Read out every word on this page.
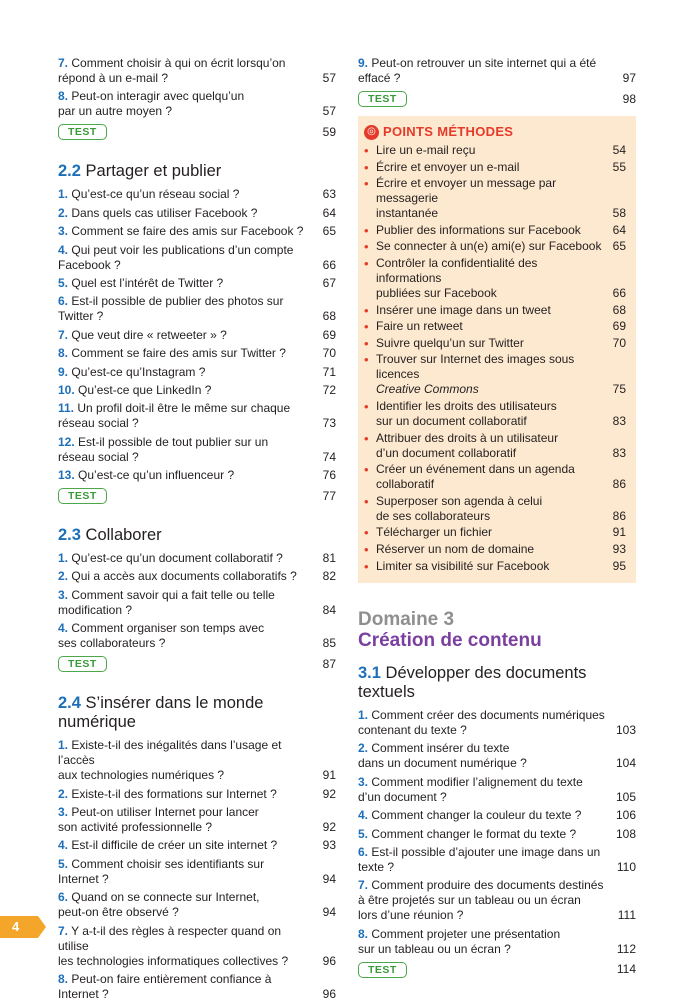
7. Comment choisir à qui on écrit lorsqu’on
répond à un e-mail ?	57
8. Peut-on interagir avec quelqu’un
par un autre moyen ?	57
TEST	59
2.2 Partager et publier
1. Qu’est-ce qu’un réseau social ?	63
2. Dans quels cas utiliser Facebook ?	64
3. Comment se faire des amis sur Facebook ?	65
4. Qui peut voir les publications d’un compte
Facebook ?	66
5. Quel est l’intérêt de Twitter ?	67
6. Est-il possible de publier des photos sur Twitter ?	68
7. Que veut dire « retweeter » ?	69
8. Comment se faire des amis sur Twitter ?	70
9. Qu’est-ce qu’Instagram ?	71
10. Qu’est-ce que LinkedIn ?	72
11. Un profil doit-il être le même sur chaque
réseau social ?	73
12. Est-il possible de tout publier sur un réseau social ?	74
13. Qu’est-ce qu’un influenceur ?	76
TEST	77
2.3 Collaborer
1. Qu’est-ce qu’un document collaboratif ?	81
2. Qui a accès aux documents collaboratifs ?	82
3. Comment savoir qui a fait telle ou telle
modification ?	84
4. Comment organiser son temps avec
ses collaborateurs ?	85
TEST	87
2.4 S’insérer dans le monde numérique
1. Existe-t-il des inégalités dans l’usage et l’accès
aux technologies numériques ?	91
2. Existe-t-il des formations sur Internet ?	92
3. Peut-on utiliser Internet pour lancer
son activité professionnelle ?	92
4. Est-il difficile de créer un site internet ?	93
5. Comment choisir ses identifiants sur Internet ?	94
6. Quand on se connecte sur Internet,
peut-on être observé ?	94
7. Y a-t-il des règles à respecter quand on utilise
les technologies informatiques collectives ?	96
8. Peut-on faire entièrement confiance à Internet ?	96
9. Peut-on retrouver un site internet qui a été effacé ?	97
TEST	98
◎ POINTS MÉTHODES
• Lire un e-mail reçu	54
• Écrire et envoyer un e-mail	55
• Écrire et envoyer un message par messagerie
instantanée	58
• Publier des informations sur Facebook	64
• Se connecter à un(e) ami(e) sur Facebook 65
• Contrôler la confidentialité des informations
publiées sur Facebook	66
• Insérer une image dans un tweet	68
• Faire un retweet	69
• Suivre quelqu’un sur Twitter	70
• Trouver sur Internet des images sous licences
Creative Commons	75
• Identifier les droits des utilisateurs
sur un document collaboratif	83
• Attribuer des droits à un utilisateur
d’un document collaboratif	83
• Créer un événement dans un agenda
collaboratif	86
• Superposer son agenda à celui
de ses collaborateurs	86
• Télécharger un fichier	91
• Réserver un nom de domaine	93
• Limiter sa visibilité sur Facebook	95
Domaine 3
Création de contenu
3.1 Développer des documents textuels
1. Comment créer des documents numériques
contenant du texte ?	103
2. Comment insérer du texte
dans un document numérique ?	104
3. Comment modifier l’alignement du texte
d’un document ?	105
4. Comment changer la couleur du texte ?	106
5. Comment changer le format du texte ?	108
6. Est-il possible d’ajouter une image dans un texte ?	110
7. Comment produire des documents destinés
à être projetés sur un tableau ou un écran
lors d’une réunion ?	111
8. Comment projeter une présentation
sur un tableau ou un écran ?	112
TEST	114
4
